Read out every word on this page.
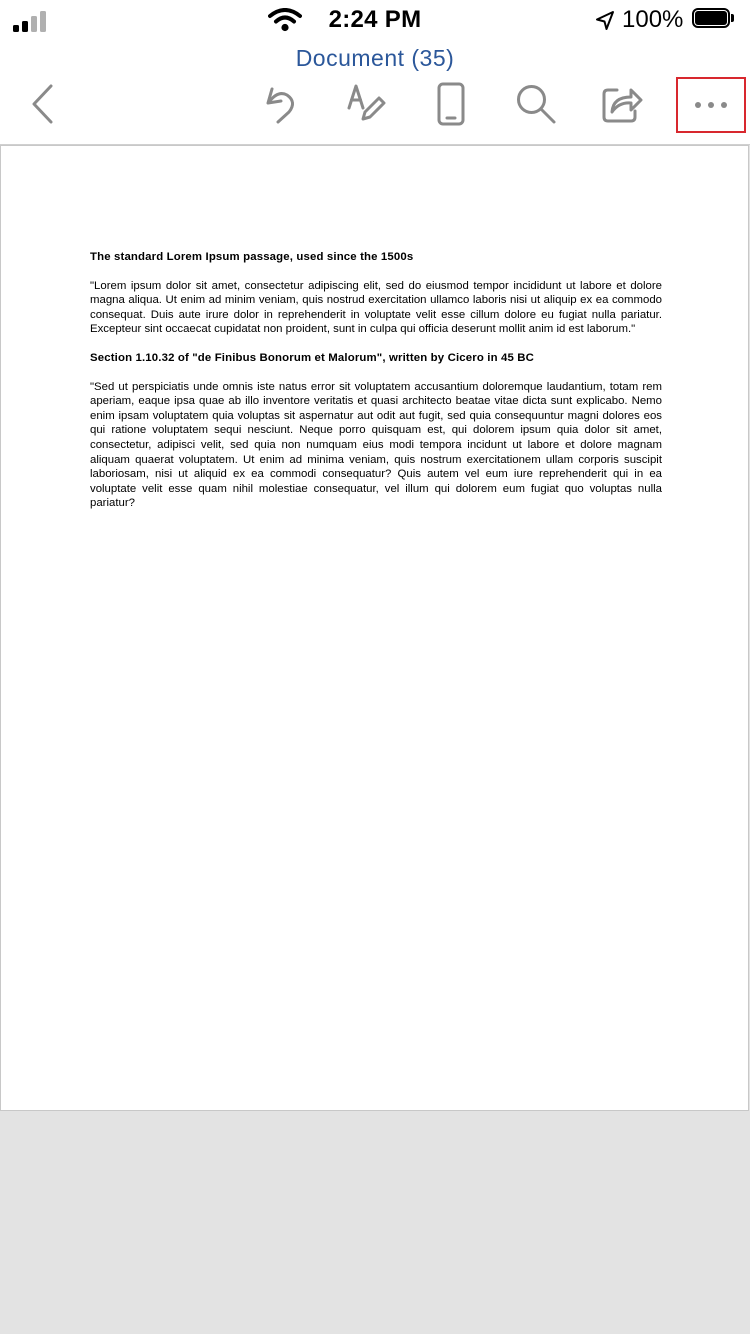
2:24 PM	100%
Document (35)
The standard Lorem Ipsum passage, used since the 1500s
"Lorem ipsum dolor sit amet, consectetur adipiscing elit, sed do eiusmod tempor incididunt ut labore et dolore magna aliqua. Ut enim ad minim veniam, quis nostrud exercitation ullamco laboris nisi ut aliquip ex ea commodo consequat. Duis aute irure dolor in reprehenderit in voluptate velit esse cillum dolore eu fugiat nulla pariatur. Excepteur sint occaecat cupidatat non proident, sunt in culpa qui officia deserunt mollit anim id est laborum."
Section 1.10.32 of "de Finibus Bonorum et Malorum", written by Cicero in 45 BC
"Sed ut perspiciatis unde omnis iste natus error sit voluptatem accusantium doloremque laudantium, totam rem aperiam, eaque ipsa quae ab illo inventore veritatis et quasi architecto beatae vitae dicta sunt explicabo. Nemo enim ipsam voluptatem quia voluptas sit aspernatur aut odit aut fugit, sed quia consequuntur magni dolores eos qui ratione voluptatem sequi nesciunt. Neque porro quisquam est, qui dolorem ipsum quia dolor sit amet, consectetur, adipisci velit, sed quia non numquam eius modi tempora incidunt ut labore et dolore magnam aliquam quaerat voluptatem. Ut enim ad minima veniam, quis nostrum exercitationem ullam corporis suscipit laboriosam, nisi ut aliquid ex ea commodi consequatur? Quis autem vel eum iure reprehenderit qui in ea voluptate velit esse quam nihil molestiae consequatur, vel illum qui dolorem eum fugiat quo voluptas nulla pariatur?
